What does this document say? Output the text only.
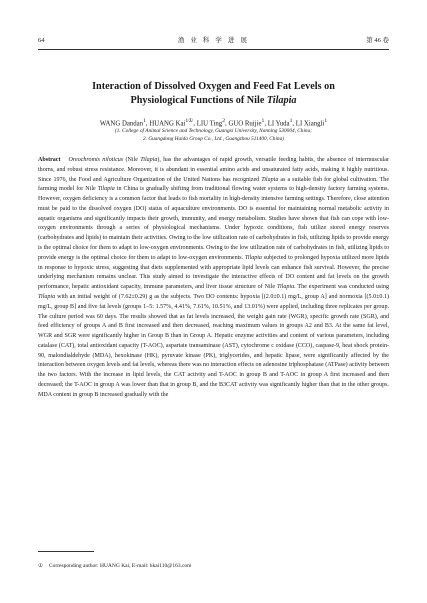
64	渔 业 科 学 进 展	第 46 卷
Interaction of Dissolved Oxygen and Feed Fat Levels on
Physiological Functions of Nile Tilapia
WANG Dandan$^1$, HUANG Kai$^{1①}$, LIU Ting$^2$, GUO Ruijie$^1$, LI Yuda$^1$, LI Xiangli$^1$
(1. College of Animal Science and Technology, Guangxi University, Nanning 530004, China;
2. Guangdong Haida Group Co., Ltd., Guangzhou 511400, China)
Abstract Oreochromis niloticus (Nile Tilapia), has the advantages of rapid growth, versatile feeding habits, the absence of intermuscular thorns, and robust stress resistance. Moreover, it is abundant in essential amino acids and unsaturated fatty acids, making it highly nutritious. Since 1976, the Food and Agriculture Organization of the United Nations has recognized Tilapia as a suitable fish for global cultivation. The farming model for Nile Tilapia in China is gradually shifting from traditional flowing water systems to high-density factory farming systems. However, oxygen deficiency is a common factor that leads to fish mortality in high-density intensive farming settings. Therefore, close attention must be paid to the dissolved oxygen (DO) status of aquaculture environments. DO is essential for maintaining normal metabolic activity in aquatic organisms and significantly impacts their growth, immunity, and energy metabolism. Studies have shown that fish can cope with low-oxygen environments through a series of physiological mechanisms. Under hypoxic conditions, fish utilize stored energy reserves (carbohydrates and lipids) to maintain their activities. Owing to the low utilization rate of carbohydrates in fish, utilizing lipids to provide energy is the optimal choice for them to adapt to low-oxygen environments. Owing to the low utilization rate of carbohydrates in fish, utilizing lipids to provide energy is the optimal choice for them to adapt to low-oxygen environments. Tilapia subjected to prolonged hypoxia utilized more lipids in response to hypoxic stress, suggesting that diets supplemented with appropriate lipid levels can enhance fish survival. However, the precise underlying mechanism remains unclear. This study aimed to investigate the interactive effects of DO content and fat levels on the growth performance, hepatic antioxidant capacity, immune parameters, and liver tissue structure of Nile Tilapia. The experiment was conducted using Tilapia with an initial weight of (7.62±0.29) g as the subjects. Two DO contents: hypoxia [(2.0±0.1) mg/L, group A] and normoxia [(5.0±0.1) mg/L, group B] and five fat levels (groups 1–5: 1.57%, 4.41%, 7.61%, 10.51%, and 13.01%) were applied, including three replicates per group. The culture period was 60 days. The results showed that as fat levels increased, the weight gain rate (WGR), specific growth rate (SGR), and feed efficiency of groups A and B first increased and then decreased, reaching maximum values in groups A2 and B3. At the same fat level, WGR and SGR were significantly higher in Group B than in Group A. Hepatic enzyme activities and content of various parameters, including catalase (CAT), total antioxidant capacity (T-AOC), aspartate transaminase (AST), cytochrome c oxidase (CCO), caspase-9, heat shock protein-90, malondialdehyde (MDA), hexokinase (HK), pyruvate kinase (PK), triglycerides, and hepatic lipase, were significantly affected by the interaction between oxygen levels and fat levels, whereas there was no interaction effects on adenosine triphosphatase (ATPase) activity between the two factors. With the increase in lipid levels, the CAT activity and T-AOC in group B and T-AOC in group A first increased and then decreased; the T-AOC in group A was lower than that in group B, and the B3CAT activity was significantly higher than that in the other groups. MDA content in group B increased gradually with the
① Corresponding author: HUANG Kai, E-mail: hkai110@163.com
